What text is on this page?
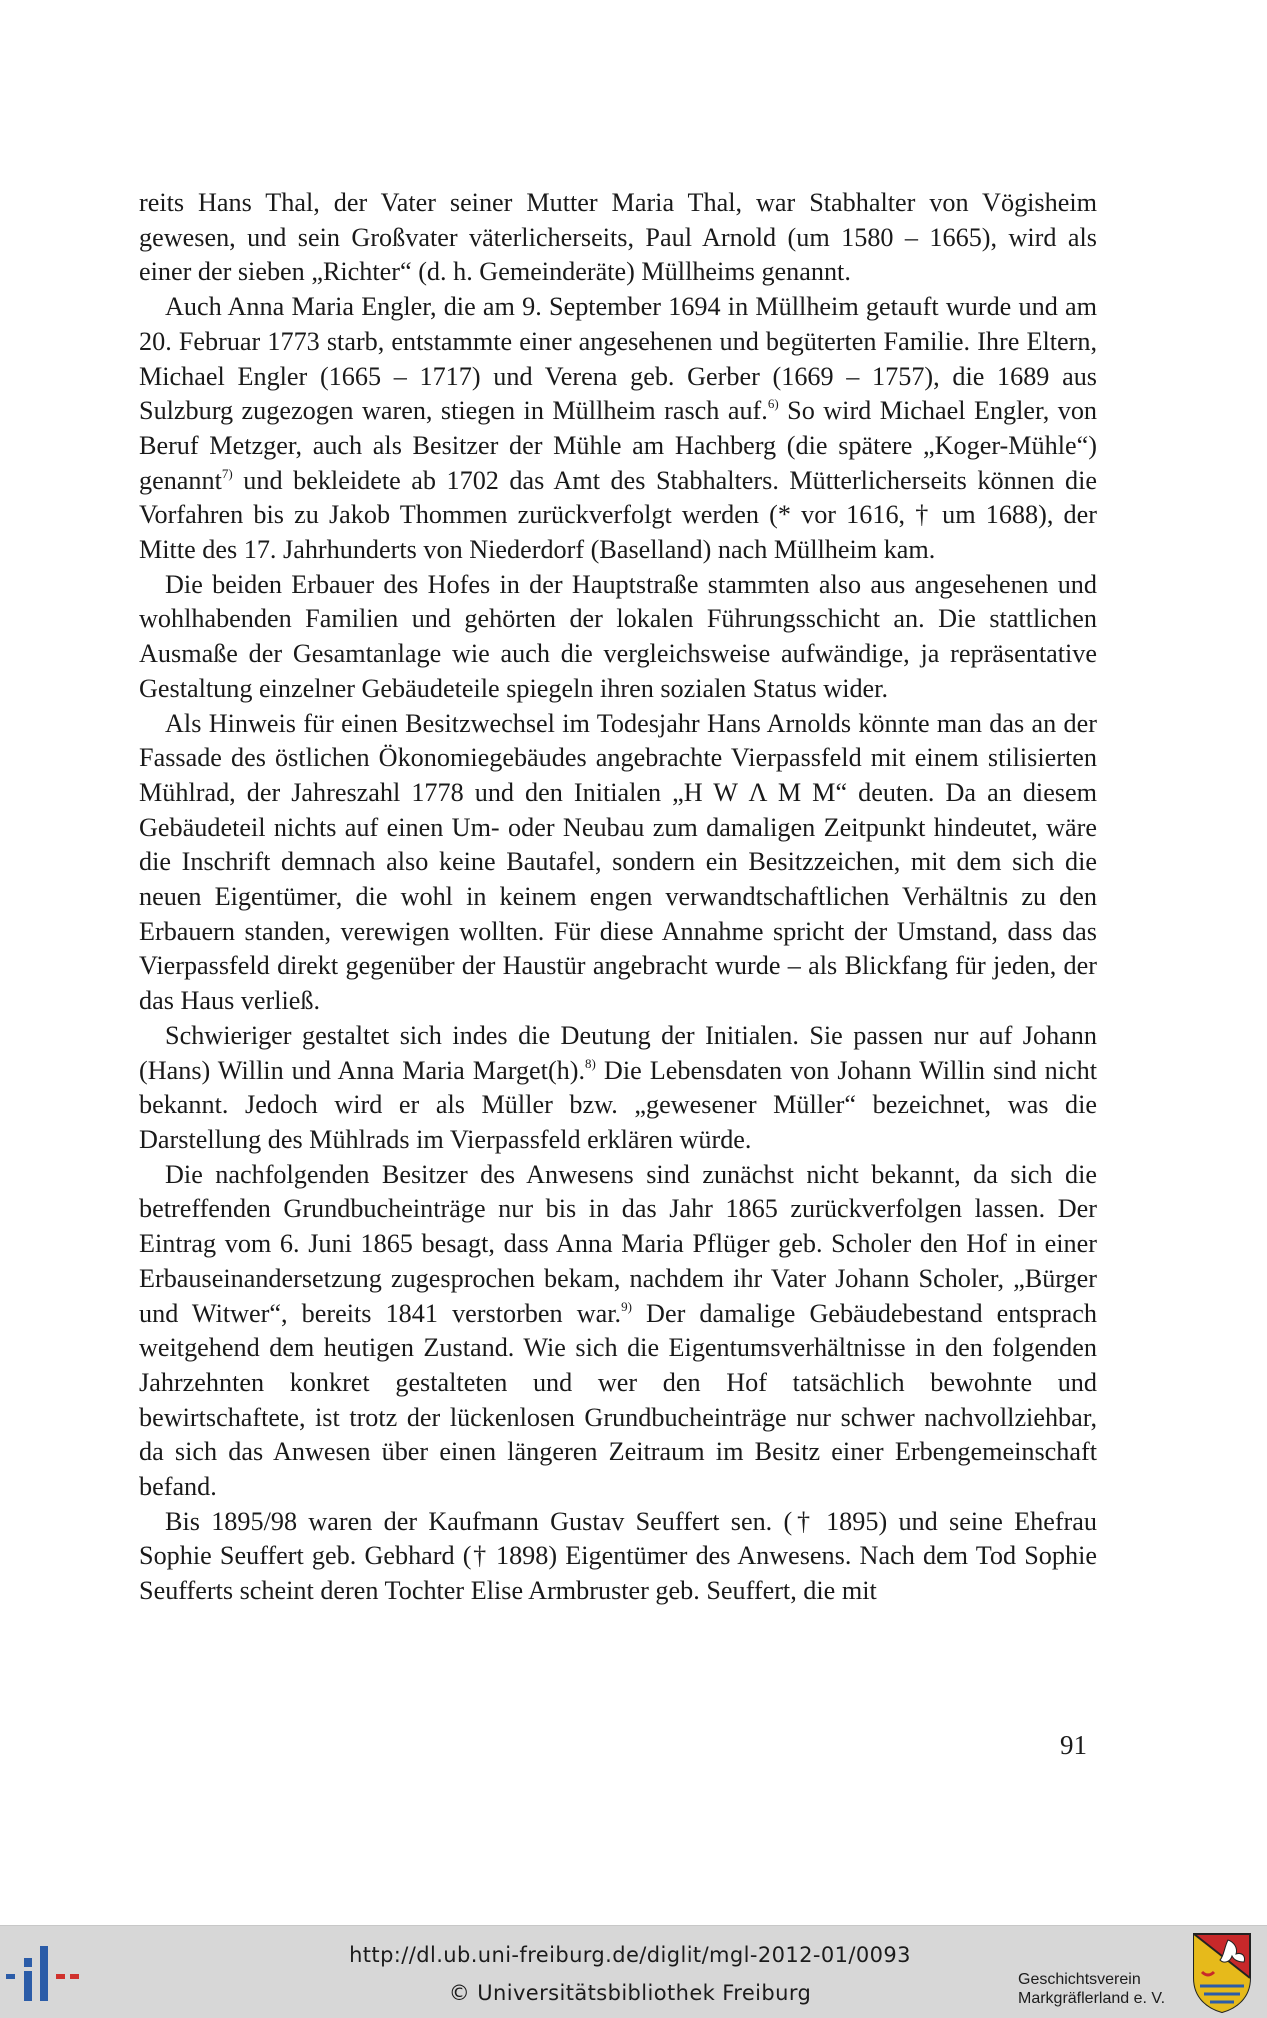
reits Hans Thal, der Vater seiner Mutter Maria Thal, war Stabhalter von Vögisheim gewesen, und sein Großvater väterlicherseits, Paul Arnold (um 1580 – 1665), wird als einer der sieben „Richter“ (d. h. Gemeinderäte) Müllheims genannt.

Auch Anna Maria Engler, die am 9. September 1694 in Müllheim getauft wurde und am 20. Februar 1773 starb, entstammte einer angesehenen und begüterten Familie. Ihre Eltern, Michael Engler (1665 – 1717) und Verena geb. Gerber (1669 – 1757), die 1689 aus Sulzburg zugezogen waren, stiegen in Müllheim rasch auf.$^{6)}$ So wird Michael Engler, von Beruf Metzger, auch als Besitzer der Mühle am Hachberg (die spätere „Koger-Mühle“) genannt$^{7)}$ und bekleidete ab 1702 das Amt des Stabhalters. Mütterlicherseits können die Vorfahren bis zu Jakob Thommen zurückverfolgt werden (* vor 1616, † um 1688), der Mitte des 17. Jahrhunderts von Niederdorf (Baselland) nach Müllheim kam.

Die beiden Erbauer des Hofes in der Hauptstraße stammten also aus angesehenen und wohlhabenden Familien und gehörten der lokalen Führungsschicht an. Die stattlichen Ausmaße der Gesamtanlage wie auch die vergleichsweise aufwändige, ja repräsentative Gestaltung einzelner Gebäudeteile spiegeln ihren sozialen Status wider.

Als Hinweis für einen Besitzwechsel im Todesjahr Hans Arnolds könnte man das an der Fassade des östlichen Ökonomiegebäudes angebrachte Vierpassfeld mit einem stilisierten Mühlrad, der Jahreszahl 1778 und den Initialen „H W Λ M M“ deuten. Da an diesem Gebäudeteil nichts auf einen Um- oder Neubau zum damaligen Zeitpunkt hindeutet, wäre die Inschrift demnach also keine Bautafel, sondern ein Besitzzeichen, mit dem sich die neuen Eigentümer, die wohl in keinem engen verwandtschaftlichen Verhältnis zu den Erbauern standen, verewigen wollten. Für diese Annahme spricht der Umstand, dass das Vierpassfeld direkt gegenüber der Haustür angebracht wurde – als Blickfang für jeden, der das Haus verließ.

Schwieriger gestaltet sich indes die Deutung der Initialen. Sie passen nur auf Johann (Hans) Willin und Anna Maria Marget(h).$^{8)}$ Die Lebensdaten von Johann Willin sind nicht bekannt. Jedoch wird er als Müller bzw. „gewesener Müller“ bezeichnet, was die Darstellung des Mühlrads im Vierpassfeld erklären würde.

Die nachfolgenden Besitzer des Anwesens sind zunächst nicht bekannt, da sich die betreffenden Grundbucheinträge nur bis in das Jahr 1865 zurückverfolgen lassen. Der Eintrag vom 6. Juni 1865 besagt, dass Anna Maria Pflüger geb. Scholer den Hof in einer Erbauseinandersetzung zugesprochen bekam, nachdem ihr Vater Johann Scholer, „Bürger und Witwer“, bereits 1841 verstorben war.$^{9)}$ Der damalige Gebäudebestand entsprach weitgehend dem heutigen Zustand. Wie sich die Eigentumsverhältnisse in den folgenden Jahrzehnten konkret gestalteten und wer den Hof tatsächlich bewohnte und bewirtschaftete, ist trotz der lückenlosen Grundbucheinträge nur schwer nachvollziehbar, da sich das Anwesen über einen längeren Zeitraum im Besitz einer Erbengemeinschaft befand.

Bis 1895/98 waren der Kaufmann Gustav Seuffert sen. († 1895) und seine Ehefrau Sophie Seuffert geb. Gebhard († 1898) Eigentümer des Anwesens. Nach dem Tod Sophie Seufferts scheint deren Tochter Elise Armbruster geb. Seuffert, die mit

91
http://dl.ub.uni-freiburg.de/diglit/mgl-2012-01/0093
© Universitätsbibliothek Freiburg
Geschichtsverein
Markgräflerland e. V.
